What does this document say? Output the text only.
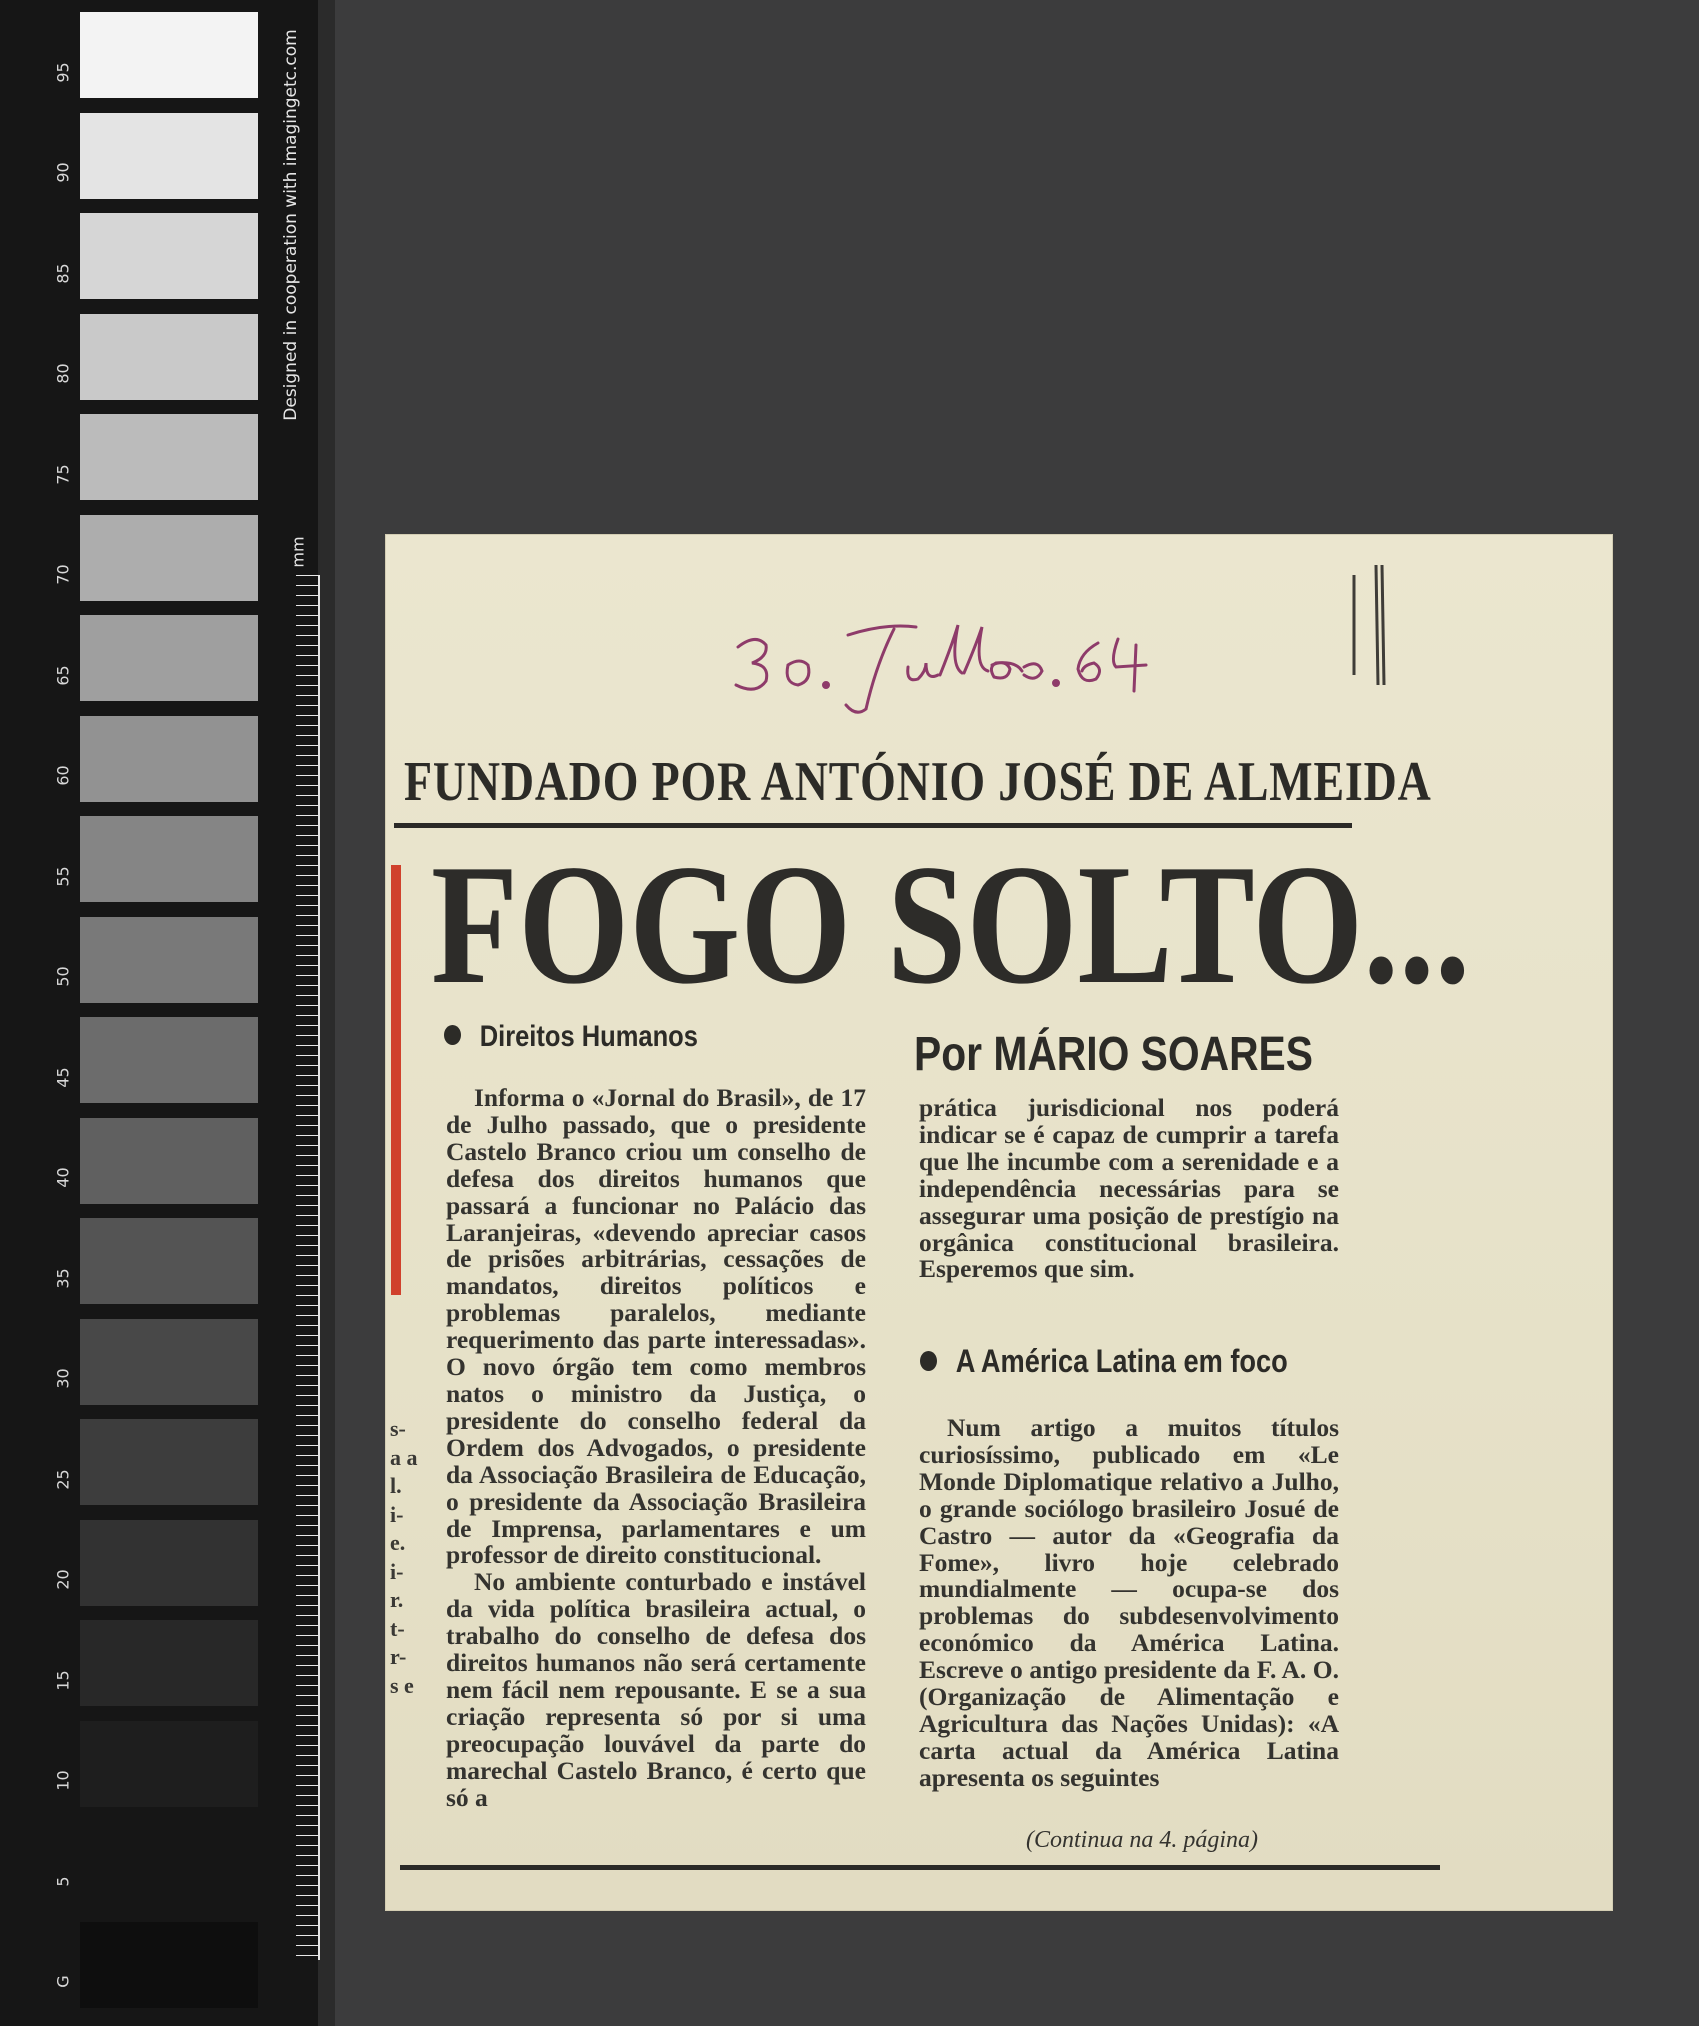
95
90
85
80
75
70
65
60
55
50
45
40
35
30
25
20
15
10
5
G
Designed in cooperation with imagingetc.com
mm
FUNDADO POR ANTÓNIO JOSÉ DE ALMEIDA
FOGO SOLTO...
Direitos Humanos	Por MÁRIO SOARES

Informa o «Jornal do Brasil», de 17 de Julho passado, que o presidente Castelo Branco criou um conselho de defesa dos direitos humanos que passará a funcionar no Palácio das Laranjeiras, «devendo apreciar casos de prisões arbitrárias, cessações de mandatos, direitos políticos e problemas paralelos, mediante requerimento das parte interessadas». O novo órgão tem como membros natos o ministro da Justiça, o presidente do conselho federal da Ordem dos Advogados, o presidente da Associação Brasileira de Educação, o presidente da Associação Brasileira de Imprensa, parlamentares e um professor de direito constitucional.

No ambiente conturbado e instável da vida política brasileira actual, o trabalho do conselho de defesa dos direitos humanos não será certamente nem fácil nem repousante. E se a sua criação representa só por si uma preocupação louvável da parte do marechal Castelo Branco, é certo que só a

prática jurisdicional nos poderá indicar se é capaz de cumprir a tarefa que lhe incumbe com a serenidade e a independência necessárias para se assegurar uma posição de prestígio na orgânica constitucional brasileira. Esperemos que sim.

A América Latina em foco

Num artigo a muitos títulos curiosíssimo, publicado em «Le Monde Diplomatique relativo a Julho, o grande sociólogo brasileiro Josué de Castro — autor da «Geografia da Fome», livro hoje celebrado mundialmente — ocupa-se dos problemas do subdesenvolvimento económico da América Latina. Escreve o antigo presidente da F. A. O. (Organização de Alimentação e Agricultura das Nações Unidas): «A carta actual da América Latina apresenta os seguintes

s- a a l. i- e. i- r. t- r- s e
(Continua na 4. página)
